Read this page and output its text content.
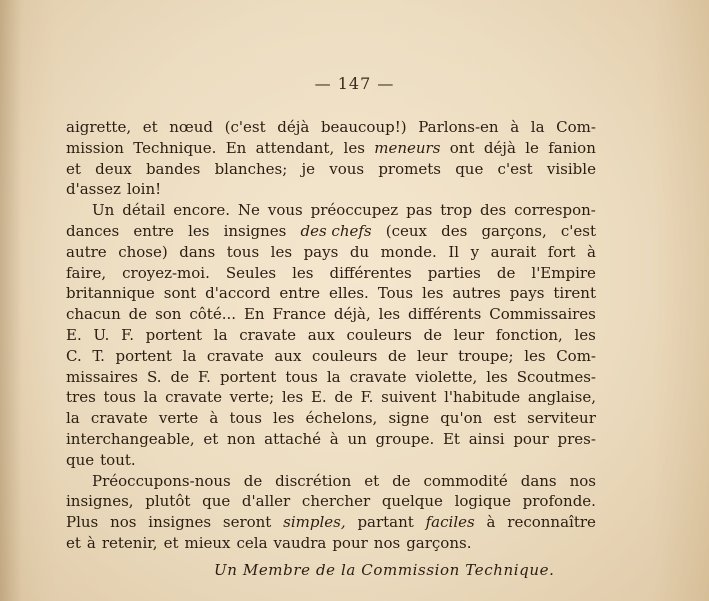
— 147 —
aigrette, et nœud (c'est déjà beaucoup!) Parlons-en à la Com-
mission Technique. En attendant, les meneurs ont déjà le fanion
et deux bandes blanches; je vous promets que c'est visible
d'assez loin!
Un détail encore. Ne vous préoccupez pas trop des correspon-
dances entre les insignes des chefs (ceux des garçons, c'est
autre chose) dans tous les pays du monde. Il y aurait fort à
faire, croyez-moi. Seules les différentes parties de l'Empire
britannique sont d'accord entre elles. Tous les autres pays tirent
chacun de son côté... En France déjà, les différents Commissaires
E. U. F. portent la cravate aux couleurs de leur fonction, les
C. T. portent la cravate aux couleurs de leur troupe; les Com-
missaires S. de F. portent tous la cravate violette, les Scoutmes-
tres tous la cravate verte; les E. de F. suivent l'habitude anglaise,
la cravate verte à tous les échelons, signe qu'on est serviteur
interchangeable, et non attaché à un groupe. Et ainsi pour pres-
que tout.
Préoccupons-nous de discrétion et de commodité dans nos
insignes, plutôt que d'aller chercher quelque logique profonde.
Plus nos insignes seront simples, partant faciles à reconnaître
et à retenir, et mieux cela vaudra pour nos garçons.
Un Membre de la Commission Technique.
